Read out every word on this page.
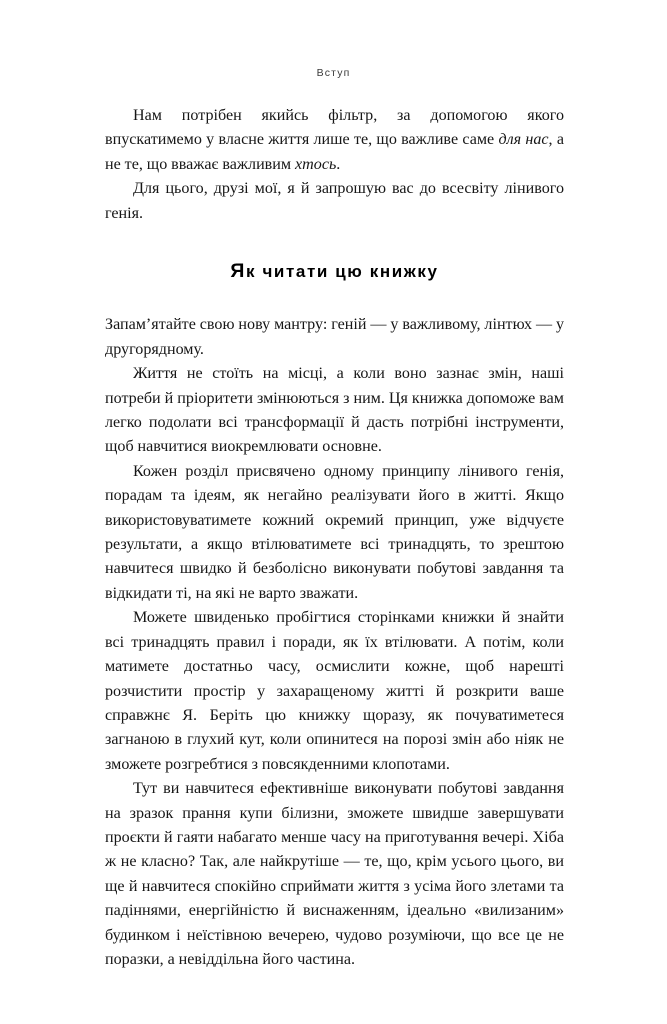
Вступ

Нам потрібен якийсь фільтр, за допомогою якого впускатимемо у власне життя лише те, що важливе саме для нас, а не те, що вважає важливим хтось.

Для цього, друзі мої, я й запрошую вас до всесвіту лінивого генія.

Як читати цю книжку

Запам’ятайте свою нову мантру: геній — у важливому, лінтюх — у другорядному.

Життя не стоїть на місці, а коли воно зазнає змін, наші потреби й пріоритети змінюються з ним. Ця книжка допоможе вам легко подолати всі трансформації й дасть потрібні інструменти, щоб навчитися виокремлювати основне.

Кожен розділ присвячено одному принципу лінивого генія, порадам та ідеям, як негайно реалізувати його в житті. Якщо використовуватимете кожний окремий принцип, уже відчуєте результати, а якщо втілюватимете всі тринадцять, то зрештою навчитеся швидко й безболісно виконувати побутові завдання та відкидати ті, на які не варто зважати.

Можете швиденько пробігтися сторінками книжки й знайти всі тринадцять правил і поради, як їх втілювати. А потім, коли матимете достатньо часу, осмислити кожне, щоб нарешті розчистити простір у захаращеному житті й розкрити ваше справжнє Я. Беріть цю книжку щоразу, як почуватиметеся загнаною в глухий кут, коли опинитеся на порозі змін або ніяк не зможете розгребтися з повсякденними клопотами.

Тут ви навчитеся ефективніше виконувати побутові завдання на зразок прання купи білизни, зможете швидше завершувати проєкти й гаяти набагато менше часу на приготування вечері. Хіба ж не класно? Так, але найкрутіше — те, що, крім усього цього, ви ще й навчитеся спокійно сприймати життя з усіма його злетами та падіннями, енергійністю й виснаженням, ідеально «вилизаним» будинком і неїстівною вечерею, чудово розуміючи, що все це не поразки, а невіддільна його частина.
